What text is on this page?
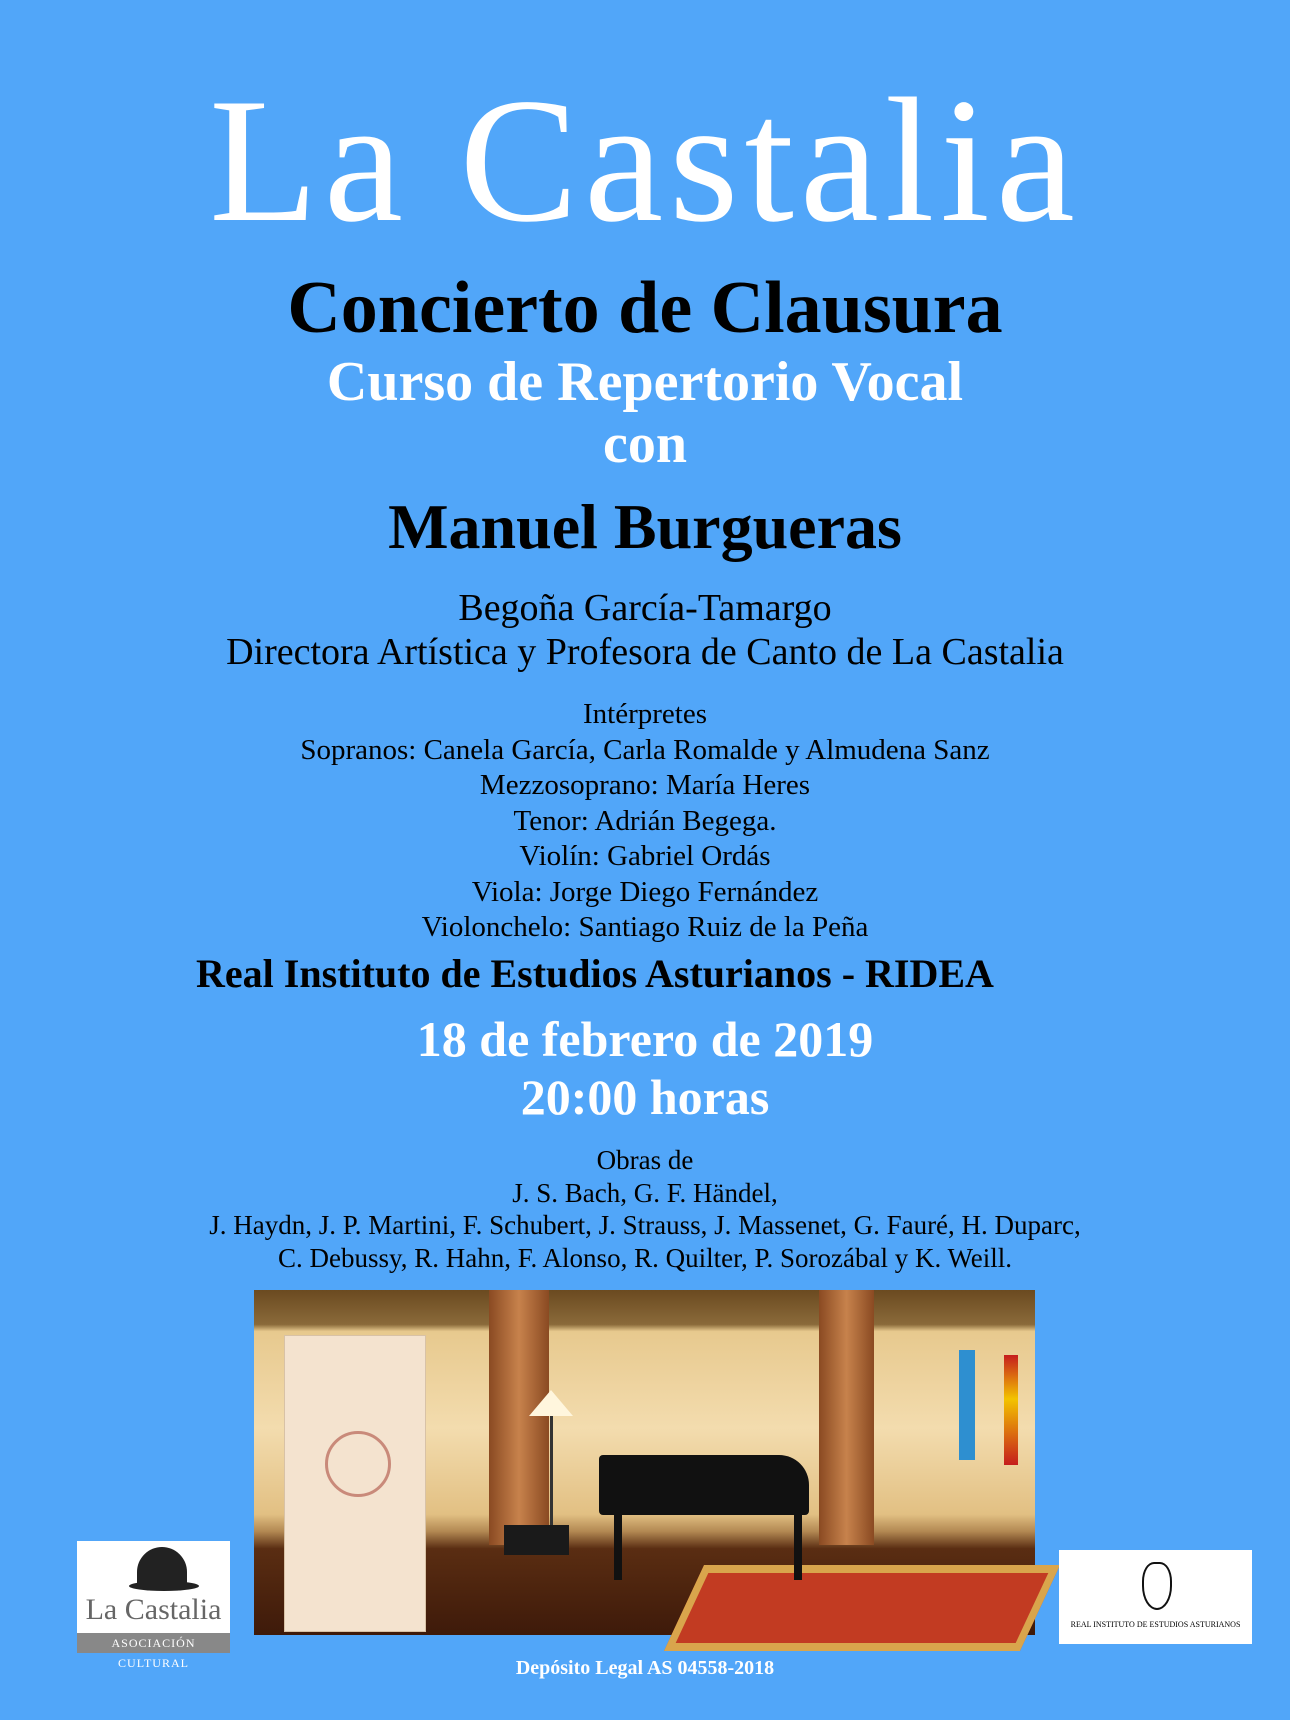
La Castalia
Concierto de Clausura
Curso de Repertorio Vocal
con
Manuel Burgueras
Begoña García-Tamargo
Directora Artística y Profesora de Canto de La Castalia
Intérpretes
Sopranos: Canela García, Carla Romalde y Almudena Sanz
Mezzosoprano: María Heres
Tenor: Adrián Begega.
Violín: Gabriel Ordás
Viola: Jorge Diego Fernández
Violonchelo: Santiago Ruiz de la Peña
Real Instituto de Estudios Asturianos - RIDEA
18 de febrero de 2019
20:00 horas
Obras de
J. S. Bach, G. F. Händel,
J. Haydn, J. P. Martini, F. Schubert, J. Strauss, J. Massenet, G. Fauré, H. Duparc,
C. Debussy, R. Hahn, F. Alonso, R. Quilter, P. Sorozábal y K. Weill.
La Castalia
ASOCIACIÓN CULTURAL
REAL INSTITUTO DE ESTUDIOS ASTURIANOS
Depósito Legal AS 04558-2018
